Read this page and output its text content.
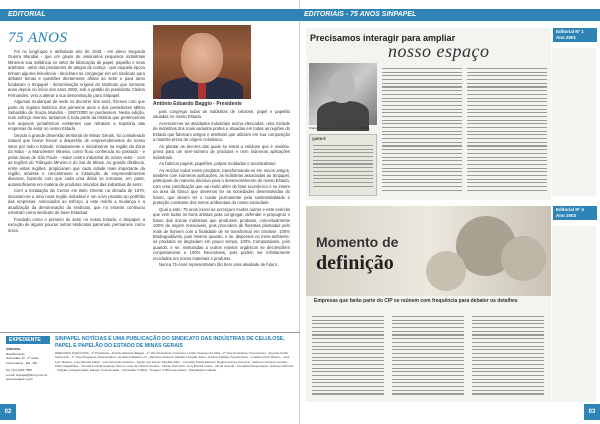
EDITORIAL
75 ANOS
Antônio Eduardo Baggio - Presidente

Foi no longínquo e atribulado ano de 1943 - em pleno Segunda Guerra Mundial - que um grupo de visionários pequenos industriais Mineiros sua militância no setor de fabricação de papel, papelão e seus artefatos - além dos produtores de artigos de cortiça - que naquela época tinham alguma relevância - decidiram se congregar em um sindicato para debater temas e questões diretamente afetas ao setor e para tanto fundaram o Sinpapel - denominação original do sindicato que somente anos depois no início dos anos 2000, sob a gestão do presidente Cleiton Fernandes, veio a alterar a sua denominação para Sinpapel.

Algumas mudanças de sede no decorrer dos anos, fizeram com que parte do registro histórico dos primeiros anos e dos presidentes Milton Sebastião de Souza Mundim - 1997/2000 se perdessem. Nesta edição, num esforço imenso, tentamos à toda parte da história que pertencemos nos arquivos jornalísticos existentes que retratam a trajetória das empresas do setor no nosso Estado.

Devido à grande dimensão territorial de Minas Gerais, foi considerado natural que houve houve a dispersão de empreendimentos do nosso setor por todo o Estado, notadamente e inicialmente na região da Zona da Mata - a Manchester Mineira, como ficou conhecida no passado - e pelas áreas de São Paulo - maior centro industrial do nosso setor - com as regiões do Triângulo Mineiro e do Sul de Minas. Ao grande distância, entre estas regiões, propiciaram que cada cidade mais importante da região, atraísse e concentrasse a instalação de empreendimentos diversos, fazendo com que cada uma delas se tornasse, em parte, autossuficiente em matéria de produtos oriundos das indústrias do setor.

Com a instalação da Centro em Belo Oriente na década de 1970, iniciaram-se a uma nova região industrial e um novo produto ao portfólio das empresas. Associados ao esforço, a este mérito a mudança e a atualização da denominação do sindicato, que no entanto continuou existindo como sindicato de base Estadual.

Fundado como o primeiro do setor no nosso Estado, o Sinpapel, a exceção de alguns poucos outros sindicatos patronais, permanece como único

pais congrega todas as indústrias de celulose, papel e papelão situadas no nosso Estado.

Acrescem-se as atividades industriais acima elencadas, uma miríade de indústrias dos mais variados portes e situadas em todas as regiões do Estado que fabricam artigos e artefatos que utilizam em sua composição a matéria-prima de origem celulósica.

Ao plantar as árvores das quais se extrai a celulose que é matéria-prima para um sem-número de produtos e nem inúmeras aplicações industriais.

Ao fabricar papéis, papelões, polpas moldadas e acusticafaturi.

Ao reciclar todos estes produtos, transformando-os em novos artigos, também com inúmeras aplicações, as indústrias associadas ao Sinpapel, participam de maneira decisiva para o desenvolvimento do nosso Estado, com uma contribuição que vai muito além de fator econômico e se insere na área da tônica que devemos ter as sociedades desenvolvidas do futuro, que devem ter o cuidar permanente pela sustentabilidade e proteção constante dos meios ambientais do nosso sociedade.

Qual a este: 75 anos iniciei as acresçam muitos outros e este exército que vem todos os bons artistas para congregar, defender e propugnar o futuro das únicas indústrias que produzem produtos, conceitualmente 100% de origem renováveis, pois procedem de florestas plantadas pelo mais de homem com a finalidade de se transformar em celulose, 100% Biodegradáveis, pois mesmo quando, e se, dispersos no meio-ambiente, os produtos se degradam em pouco tempo, 100% Compostáveis, pois quando, e se, misturadas a outros rejeitos orgânicos se decompõem conjuntamente e 100% Recicláveis, pois podem ser infinitamente reciclados em novos materiais e produtos.

Nunca 75 Anos representaram tão bem uma atividade de futuro.

EXPEDIENTE
SINPAPEL
Rua Bernardo
Guimarães 16 - 1º andar
Funcionários - BH - MG
Tel. (31) 3261 7853
e-mail: sinpapel@fiemg.com.br
www.sinpapel.org.br
SINPAPEL NOTÍCIAS É UMA PUBLICAÇÃO DO SINDICATO DAS INDÚSTRIAS DE CELULOSE, PAPEL E PAPELÃO DO ESTADO DE MINAS GERAIS
DIRETORIA EXECUTIVA - 1º Presidente - Antônio Eduardo Baggio - 1º Vice-Presidente: Francisco Lordão Vasques da Silva - 2º Vice-Presidente: Fred Gomes - Augusto Farah Ivancovich - 1º Vice-Presidente Administrativo: Geraldo Filadelfo Luiz - Diretores: Roberto Salvador Rosado Faria - Antônio Fabiano Sossai Dutra - Cristiano Pinto Ribeiro - José Luiz Tavares - Lucy Bonafé Fakini - Luiz Fernando Godinho - Sérgio Vaz Ferraz Cândido Filho - Conselho Fiscal Efetivos: Regina Gomes Fonseca - Jefferson Farnezo Goebel - Paulo Magalhães - Conselho Fiscal Suplente: Bruno Lucas de Oliveira Arantes - Diretor Executivo: Lucy Bonafé Fakini - Vilmar Grande - Jornalista Responsável: Jefferson Parreira - Criação e Diagramação: Espaço Comunicação - Impressão: Gráfica - Tiragem: 2.000 exemplares - Distribuição Gratuita.
02
EDITORIAIS - 75 ANOS SINPAPEL
Precisamos interagir para ampliar
nosso espaço
Cleiton Fernandes - Presidente do SINPAPEL
QUEM É
Editorial Nº 1
Ano 2001
Momento de
definição
Empresas que farão parte do CIP se reúnem com frequência para debater os detalhes
Editorial Nº 4
Ano 2003
03
